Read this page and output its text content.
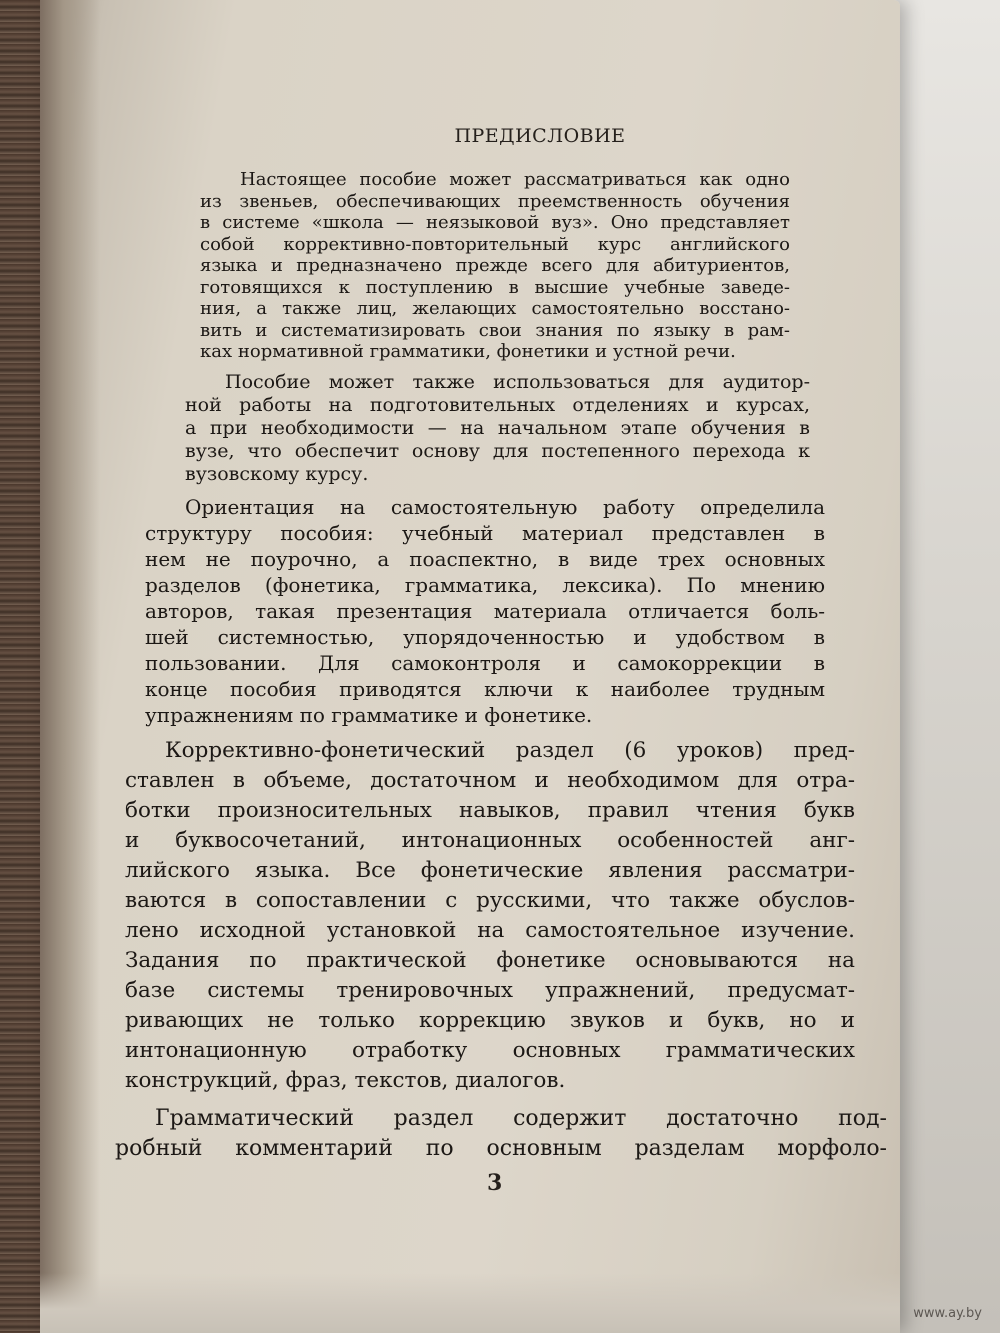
ПРЕДИСЛОВИЕ
Настоящее пособие может рассматриваться как одно
из звеньев, обеспечивающих преемственность обучения
в системе «школа — неязыковой вуз». Оно представляет
собой коррективно-повторительный курс английского
языка и предназначено прежде всего для абитуриентов,
готовящихся к поступлению в высшие учебные заведе-
ния, а также лиц, желающих самостоятельно восстано-
вить и систематизировать свои знания по языку в рам-
ках нормативной грамматики, фонетики и устной речи.
Пособие может также использоваться для аудитор-
ной работы на подготовительных отделениях и курсах,
а при необходимости — на начальном этапе обучения в
вузе, что обеспечит основу для постепенного перехода к
вузовскому курсу.
Ориентация на самостоятельную работу определила
структуру пособия: учебный материал представлен в
нем не поурочно, а поаспектно, в виде трех основных
разделов (фонетика, грамматика, лексика). По мнению
авторов, такая презентация материала отличается боль-
шей системностью, упорядоченностью и удобством в
пользовании. Для самоконтроля и самокоррекции в
конце пособия приводятся ключи к наиболее трудным
упражнениям по грамматике и фонетике.
Коррективно-фонетический раздел (6 уроков) пред-
ставлен в объеме, достаточном и необходимом для отра-
ботки произносительных навыков, правил чтения букв
и буквосочетаний, интонационных особенностей анг-
лийского языка. Все фонетические явления рассматри-
ваются в сопоставлении с русскими, что также обуслов-
лено исходной установкой на самостоятельное изучение.
Задания по практической фонетике основываются на
базе системы тренировочных упражнений, предусмат-
ривающих не только коррекцию звуков и букв, но и
интонационную отработку основных грамматических
конструкций, фраз, текстов, диалогов.
Грамматический раздел содержит достаточно под-
робный комментарий по основным разделам морфоло-
3
www.ay.by
